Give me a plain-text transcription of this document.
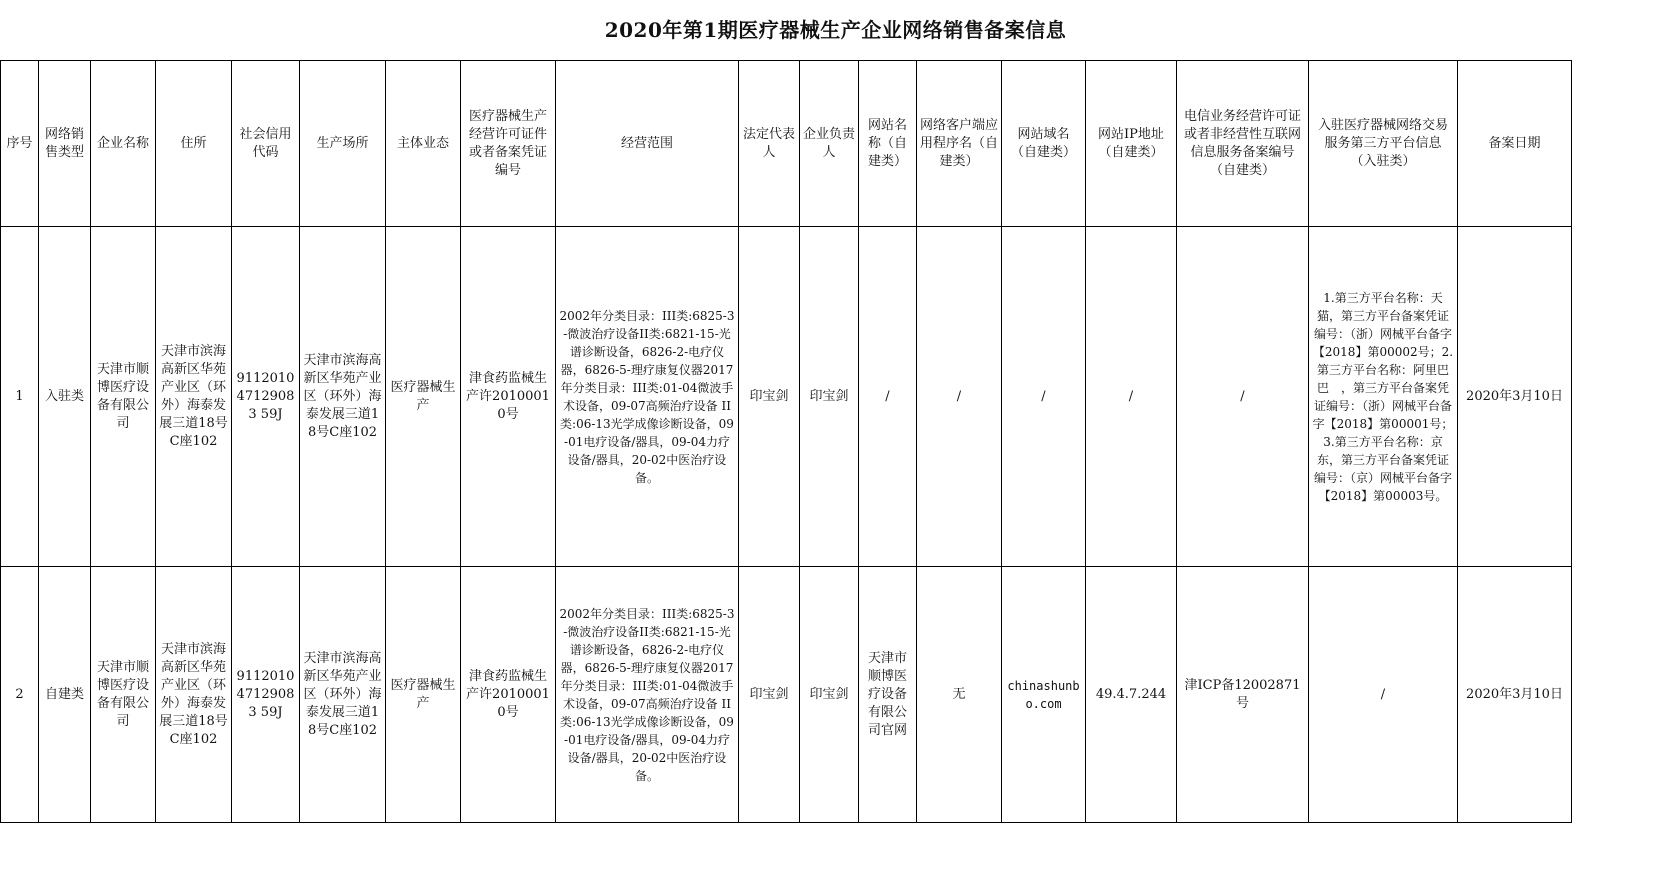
2020年第1期医疗器械生产企业网络销售备案信息
序号	网络销售类型	企业名称	住所	社会信用代码	生产场所	主体业态	医疗器械生产经营许可证件或者备案凭证编号	经营范围	法定代表人	企业负责人	网站名称（自建类）	网络客户端应用程序名（自建类）	网站域名（自建类）	网站IP地址（自建类）	电信业务经营许可证或者非经营性互联网信息服务备案编号（自建类）	入驻医疗器械网络交易服务第三方平台信息（入驻类）	备案日期
1	入驻类	天津市顺博医疗设备有限公司	天津市滨海高新区华苑产业区（环外）海泰发展三道18号C座102	911201047129083 59J	天津市滨海高新区华苑产业区（环外）海泰发展三道18号C座102	医疗器械生产	津食药监械生产许20100010号	2002年分类目录：III类:6825-3-微波治疗设备II类:6821-15-光谱诊断设备，6826-2-电疗仪器，6826-5-理疗康复仪器2017年分类目录：III类:01-04微波手术设备，09-07高频治疗设备 II类:06-13光学成像诊断设备，09-01电疗设备/器具，09-04力疗设备/器具，20-02中医治疗设备。	印宝剑	印宝剑	/	/	/	/	/	1.第三方平台名称：天猫，第三方平台备案凭证编号：（浙）网械平台备字【2018】第00002号；2.第三方平台名称：阿里巴巴　，第三方平台备案凭证编号：（浙）网械平台备字【2018】第00001号；3.第三方平台名称：京东，第三方平台备案凭证编号：（京）网械平台备字【2018】第00003号。	2020年3月10日
2	自建类	天津市顺博医疗设备有限公司	天津市滨海高新区华苑产业区（环外）海泰发展三道18号C座102	911201047129083 59J	天津市滨海高新区华苑产业区（环外）海泰发展三道18号C座102	医疗器械生产	津食药监械生产许20100010号	2002年分类目录：III类:6825-3-微波治疗设备II类:6821-15-光谱诊断设备，6826-2-电疗仪器，6826-5-理疗康复仪器2017年分类目录：III类:01-04微波手术设备，09-07高频治疗设备 II类:06-13光学成像诊断设备，09-01电疗设备/器具，09-04力疗设备/器具，20-02中医治疗设备。	印宝剑	印宝剑	天津市顺博医疗设备有限公司官网	无	chinashunbo.com	49.4.7.244	津ICP备12002871号	/	2020年3月10日
